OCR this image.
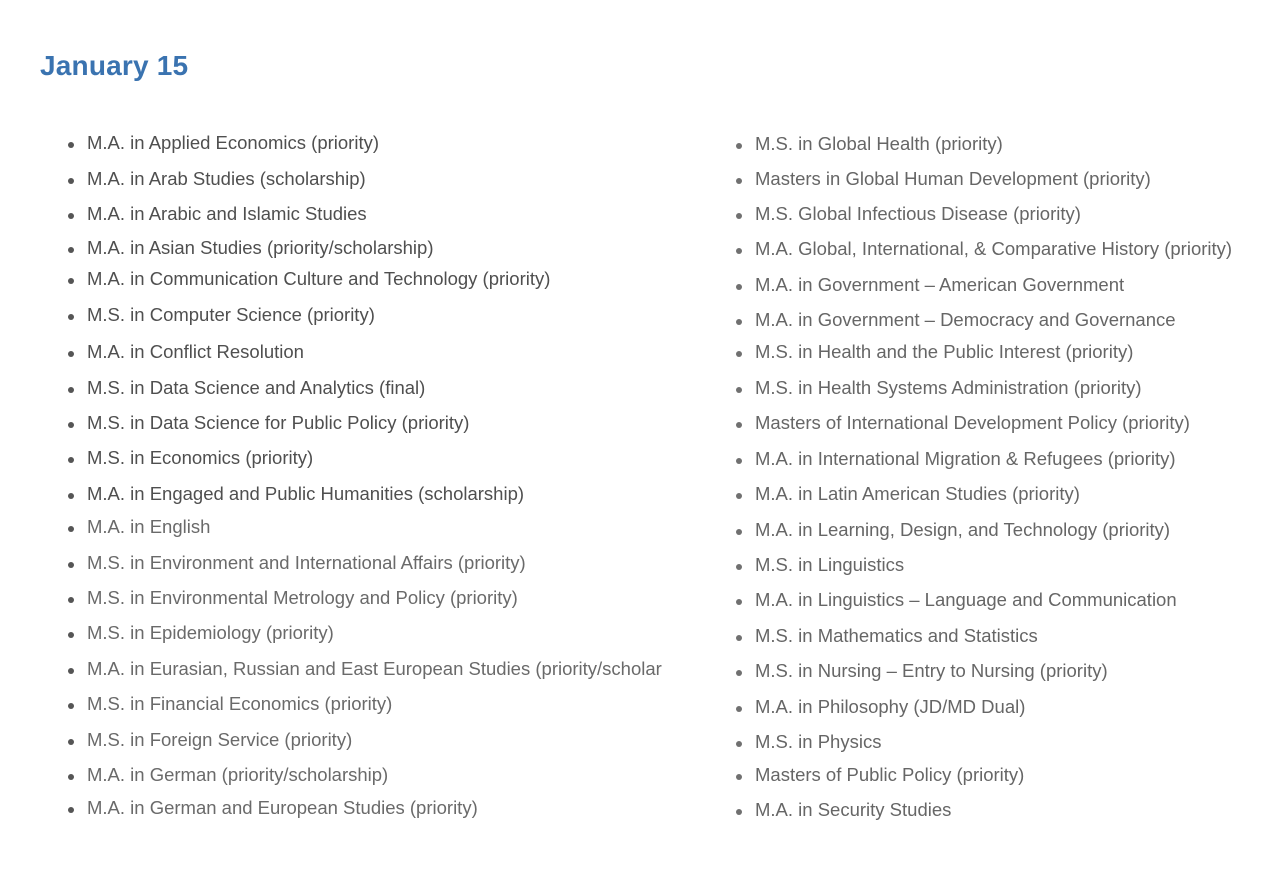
January 15
M.A. in Applied Economics (priority)
M.A. in Arab Studies (scholarship)
M.A. in Arabic and Islamic Studies
M.A. in Asian Studies (priority/scholarship)
M.A. in Communication Culture and Technology (priority)
M.S. in Computer Science (priority)
M.A. in Conflict Resolution
M.S. in Data Science and Analytics (final)
M.S. in Data Science for Public Policy (priority)
M.S. in Economics (priority)
M.A. in Engaged and Public Humanities (scholarship)
M.A. in English
M.S. in Environment and International Affairs (priority)
M.S. in Environmental Metrology and Policy (priority)
M.S. in Epidemiology (priority)
M.A. in Eurasian, Russian and East European Studies (priority/scholar
M.S. in Financial Economics (priority)
M.S. in Foreign Service (priority)
M.A. in German (priority/scholarship)
M.A. in German and European Studies (priority)
M.S. in Global Health (priority)
Masters in Global Human Development (priority)
M.S. Global Infectious Disease (priority)
M.A. Global, International, & Comparative History (priority)
M.A. in Government – American Government
M.A. in Government – Democracy and Governance
M.S. in Health and the Public Interest (priority)
M.S. in Health Systems Administration (priority)
Masters of International Development Policy (priority)
M.A. in International Migration & Refugees (priority)
M.A. in Latin American Studies (priority)
M.A. in Learning, Design, and Technology (priority)
M.S. in Linguistics
M.A. in Linguistics – Language and Communication
M.S. in Mathematics and Statistics
M.S. in Nursing – Entry to Nursing (priority)
M.A. in Philosophy (JD/MD Dual)
M.S. in Physics
Masters of Public Policy (priority)
M.A. in Security Studies
